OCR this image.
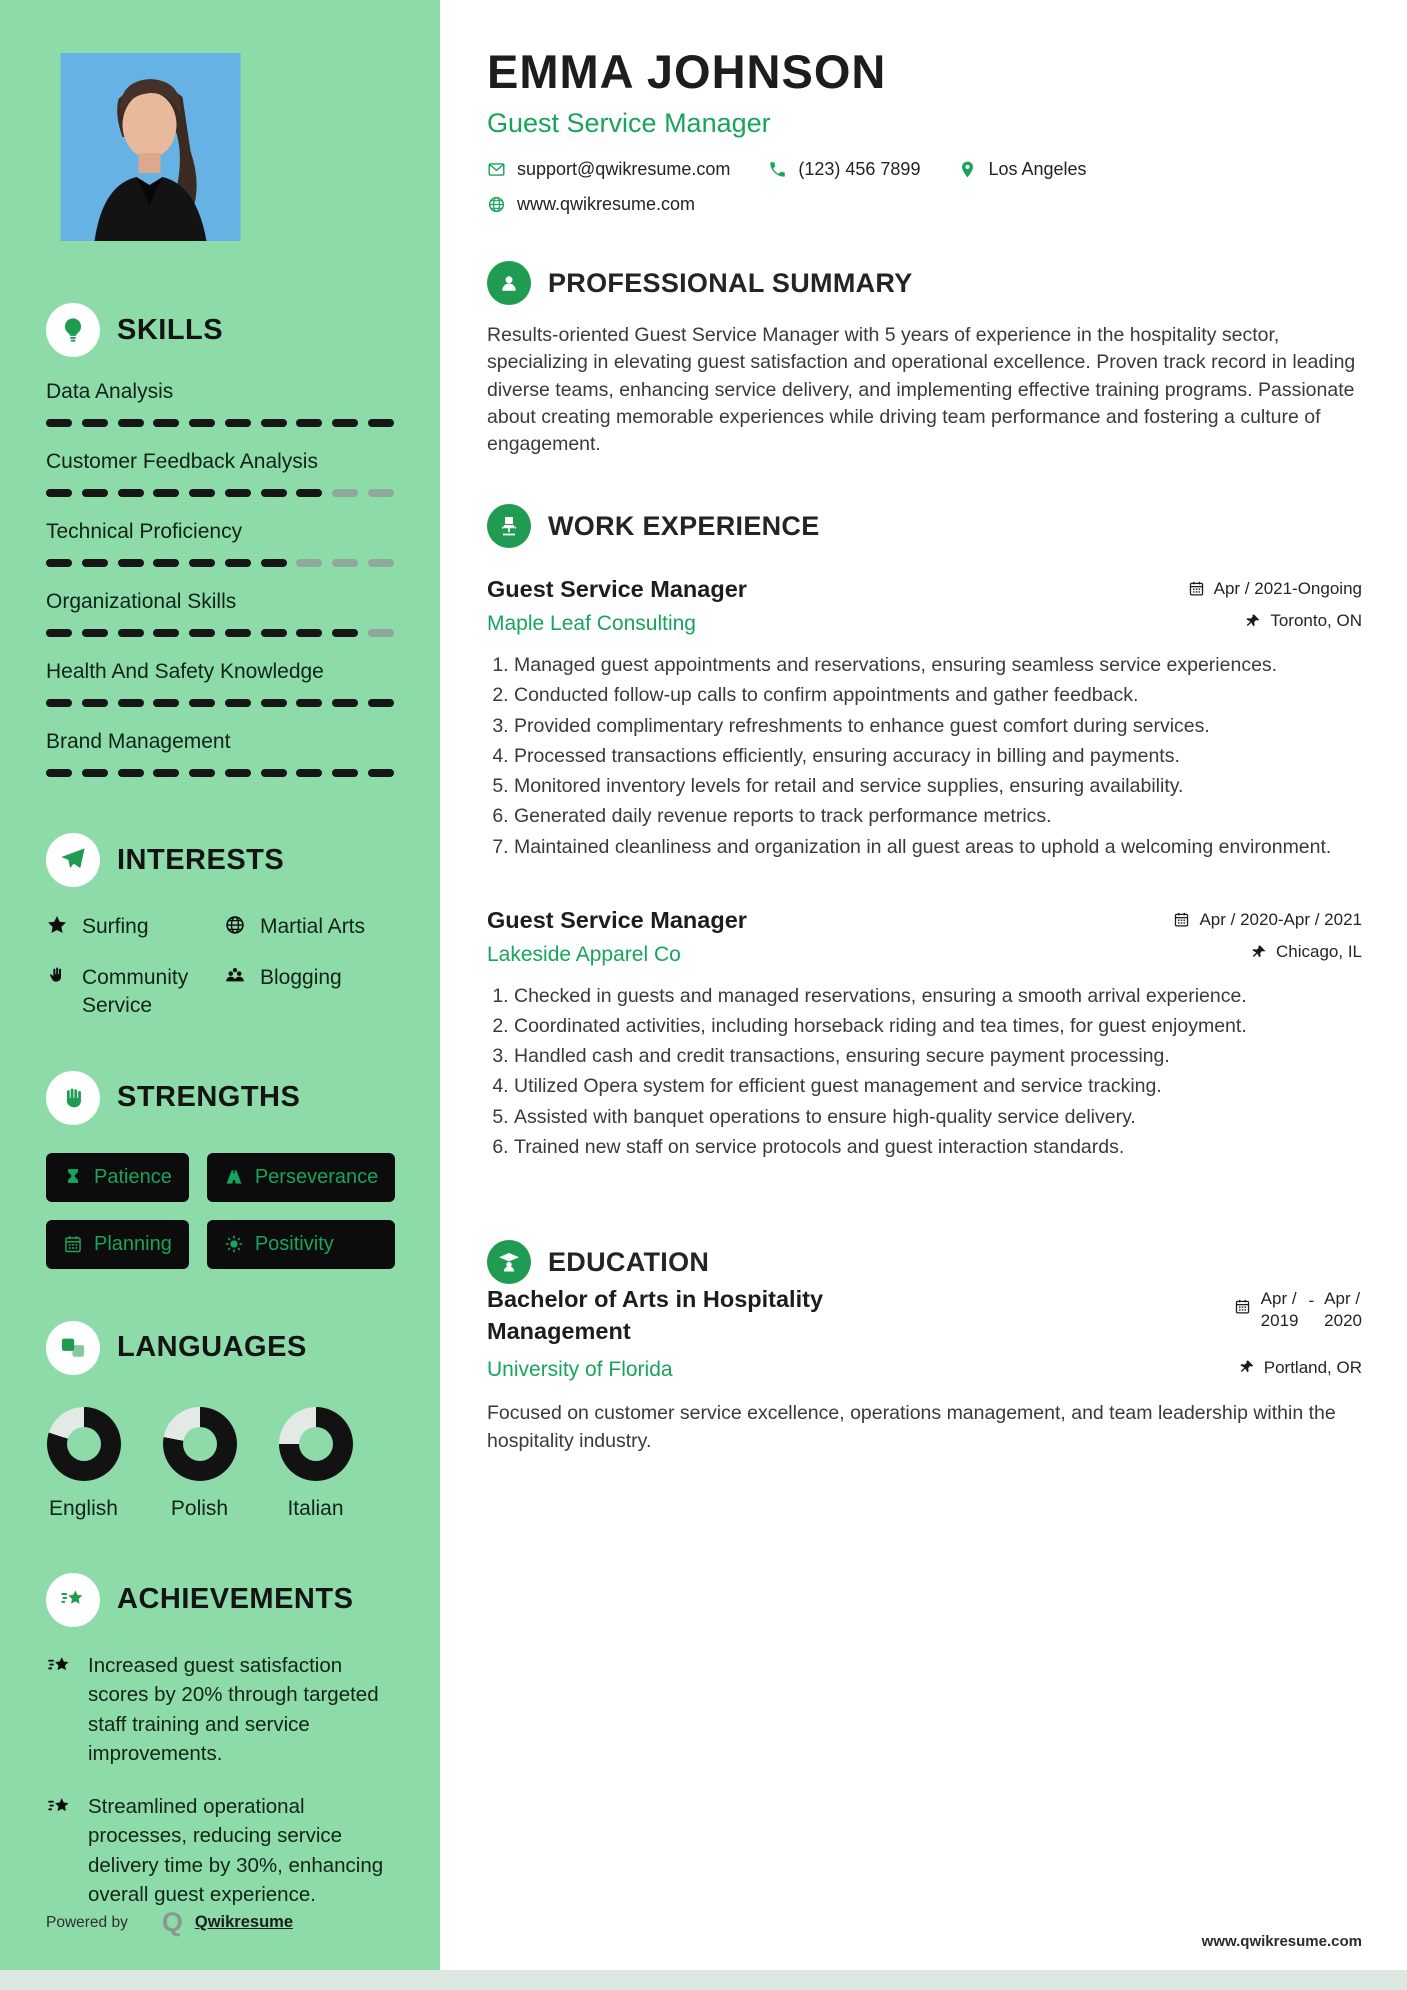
SKILLS
Data Analysis
Customer Feedback Analysis
Technical Proficiency
Organizational Skills
Health And Safety Knowledge
Brand Management
INTERESTS
Surfing	Martial Arts
Community Service
Blogging
STRENGTHS
Patience	Perseverance
Planning	Positivity
LANGUAGES
English	Polish	Italian
ACHIEVEMENTS

Increased guest satisfaction scores by 20% through targeted staff training and service improvements.

Streamlined operational processes, reducing service delivery time by 30%, enhancing overall guest experience.

Powered by Q Qwikresume
EMMA JOHNSON

Guest Service Manager

support@qwikresume.com	(123) 456 7899	Los Angeles
www.qwikresume.com
PROFESSIONAL SUMMARY

Results-oriented Guest Service Manager with 5 years of experience in the hospitality sector, specializing in elevating guest satisfaction and operational excellence. Proven track record in leading diverse teams, enhancing service delivery, and implementing effective training programs. Passionate about creating memorable experiences while driving team performance and fostering a culture of engagement.

WORK EXPERIENCE
Guest Service Manager	Apr / 2021-Ongoing
Maple Leaf Consulting	Toronto, ON
1. Managed guest appointments and reservations, ensuring seamless service experiences.
2. Conducted follow-up calls to confirm appointments and gather feedback.
3. Provided complimentary refreshments to enhance guest comfort during services.
4. Processed transactions efficiently, ensuring accuracy in billing and payments.
5. Monitored inventory levels for retail and service supplies, ensuring availability.
6. Generated daily revenue reports to track performance metrics.
7. Maintained cleanliness and organization in all guest areas to uphold a welcoming environment.
Guest Service Manager	Apr / 2020-Apr / 2021
Lakeside Apparel Co	Chicago, IL
1. Checked in guests and managed reservations, ensuring a smooth arrival experience.
2. Coordinated activities, including horseback riding and tea times, for guest enjoyment.
3. Handled cash and credit transactions, ensuring secure payment processing.
4. Utilized Opera system for efficient guest management and service tracking.
5. Assisted with banquet operations to ensure high-quality service delivery.
6. Trained new staff on service protocols and guest interaction standards.
EDUCATION
Bachelor of Arts in Hospitality Management
Apr /
2019
- Apr /
2020
University of Florida	Portland, OR

Focused on customer service excellence, operations management, and team leadership within the hospitality industry.

www.qwikresume.com
